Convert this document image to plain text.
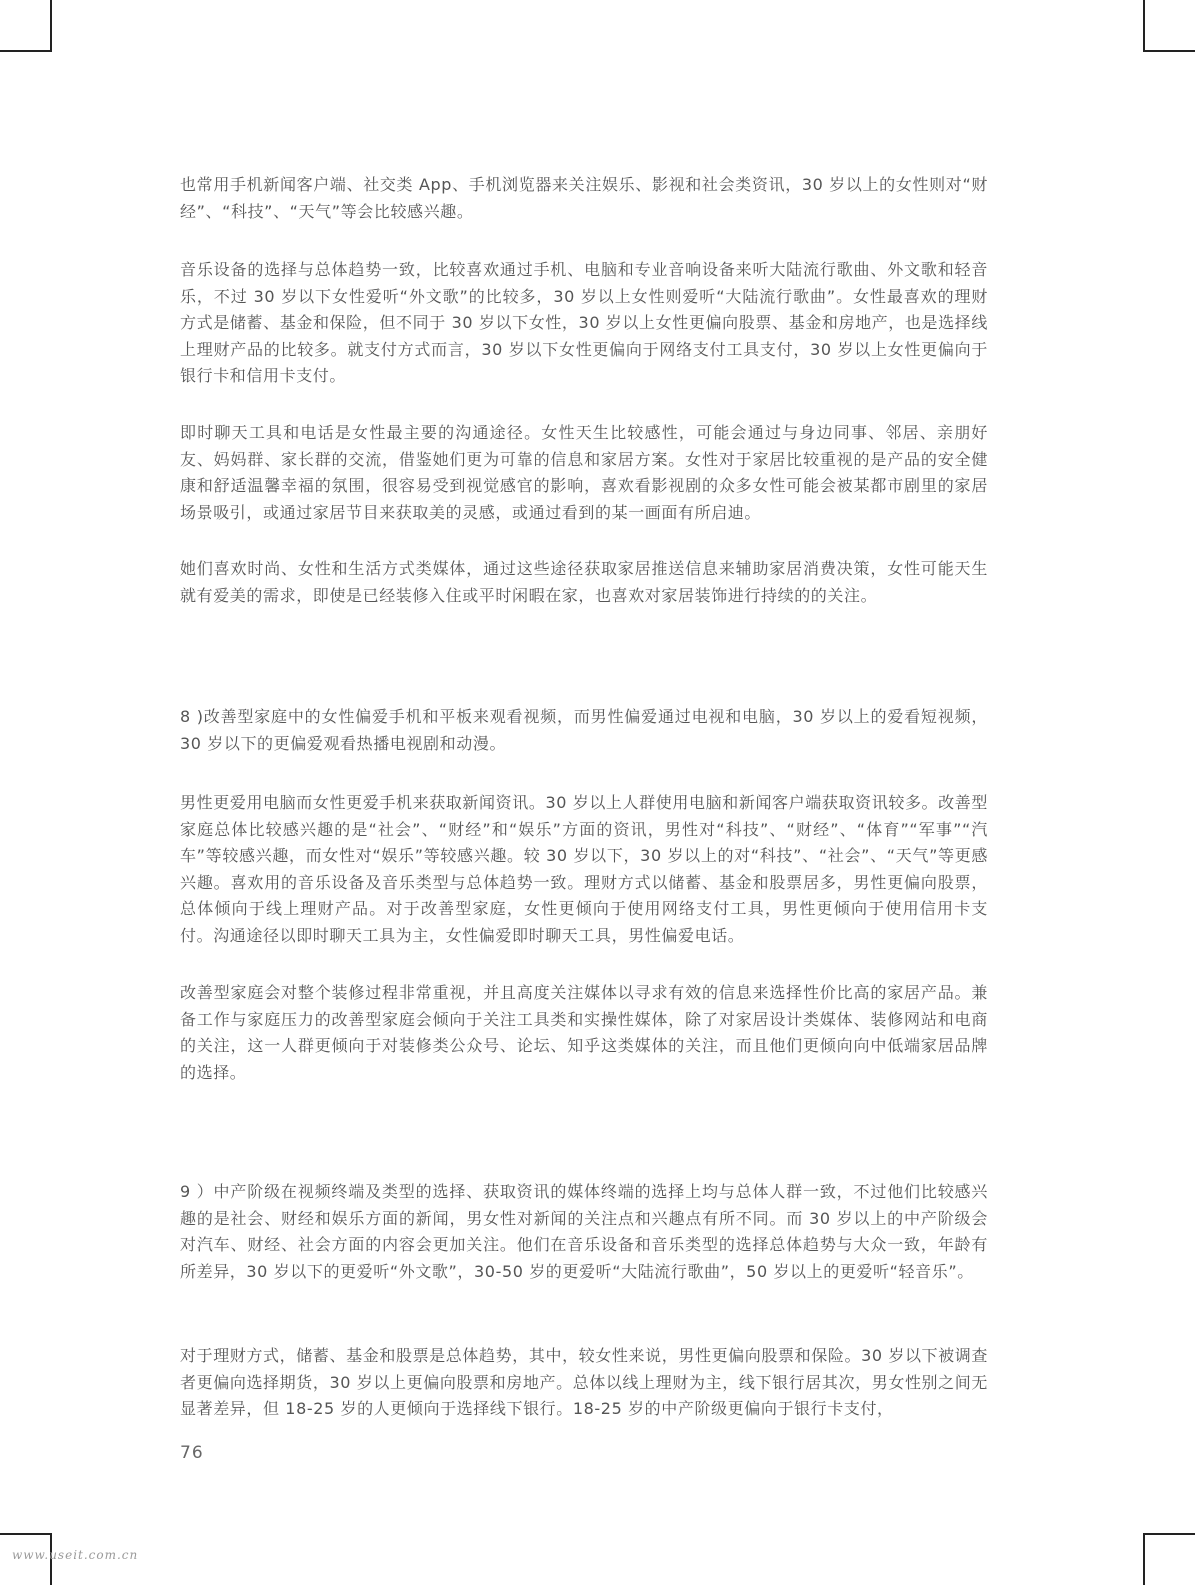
也常用手机新闻客户端、社交类 App、手机浏览器来关注娱乐、影视和社会类资讯，30 岁以上的女性则对“财经”、“科技”、“天气”等会比较感兴趣。

音乐设备的选择与总体趋势一致，比较喜欢通过手机、电脑和专业音响设备来听大陆流行歌曲、外文歌和轻音乐，不过 30 岁以下女性爱听“外文歌”的比较多，30 岁以上女性则爱听“大陆流行歌曲”。女性最喜欢的理财方式是储蓄、基金和保险，但不同于 30 岁以下女性，30 岁以上女性更偏向股票、基金和房地产，也是选择线上理财产品的比较多。就支付方式而言，30 岁以下女性更偏向于网络支付工具支付，30 岁以上女性更偏向于银行卡和信用卡支付。

即时聊天工具和电话是女性最主要的沟通途径。女性天生比较感性，可能会通过与身边同事、邻居、亲朋好友、妈妈群、家长群的交流，借鉴她们更为可靠的信息和家居方案。女性对于家居比较重视的是产品的安全健康和舒适温馨幸福的氛围，很容易受到视觉感官的影响，喜欢看影视剧的众多女性可能会被某都市剧里的家居场景吸引，或通过家居节目来获取美的灵感，或通过看到的某一画面有所启迪。

她们喜欢时尚、女性和生活方式类媒体，通过这些途径获取家居推送信息来辅助家居消费决策，女性可能天生就有爱美的需求，即使是已经装修入住或平时闲暇在家，也喜欢对家居装饰进行持续的的关注。

8 )改善型家庭中的女性偏爱手机和平板来观看视频，而男性偏爱通过电视和电脑，30 岁以上的爱看短视频，30 岁以下的更偏爱观看热播电视剧和动漫。

男性更爱用电脑而女性更爱手机来获取新闻资讯。30 岁以上人群使用电脑和新闻客户端获取资讯较多。改善型家庭总体比较感兴趣的是“社会”、“财经”和“娱乐”方面的资讯，男性对“科技”、“财经”、“体育”“军事”“汽车”等较感兴趣，而女性对“娱乐”等较感兴趣。较 30 岁以下，30 岁以上的对“科技”、“社会”、“天气”等更感兴趣。喜欢用的音乐设备及音乐类型与总体趋势一致。理财方式以储蓄、基金和股票居多，男性更偏向股票，总体倾向于线上理财产品。对于改善型家庭，女性更倾向于使用网络支付工具，男性更倾向于使用信用卡支付。沟通途径以即时聊天工具为主，女性偏爱即时聊天工具，男性偏爱电话。

改善型家庭会对整个装修过程非常重视，并且高度关注媒体以寻求有效的信息来选择性价比高的家居产品。兼备工作与家庭压力的改善型家庭会倾向于关注工具类和实操性媒体，除了对家居设计类媒体、装修网站和电商的关注，这一人群更倾向于对装修类公众号、论坛、知乎这类媒体的关注，而且他们更倾向向中低端家居品牌的选择。

9 ）中产阶级在视频终端及类型的选择、获取资讯的媒体终端的选择上均与总体人群一致，不过他们比较感兴趣的是社会、财经和娱乐方面的新闻，男女性对新闻的关注点和兴趣点有所不同。而 30 岁以上的中产阶级会对汽车、财经、社会方面的内容会更加关注。他们在音乐设备和音乐类型的选择总体趋势与大众一致，年龄有所差异，30 岁以下的更爱听“外文歌”，30-50 岁的更爱听“大陆流行歌曲”，50 岁以上的更爱听“轻音乐”。

对于理财方式，储蓄、基金和股票是总体趋势，其中，较女性来说，男性更偏向股票和保险。30 岁以下被调查者更偏向选择期货，30 岁以上更偏向股票和房地产。总体以线上理财为主，线下银行居其次，男女性别之间无显著差异，但 18-25 岁的人更倾向于选择线下银行。18-25 岁的中产阶级更偏向于银行卡支付，

76
www.useit.com.cn
